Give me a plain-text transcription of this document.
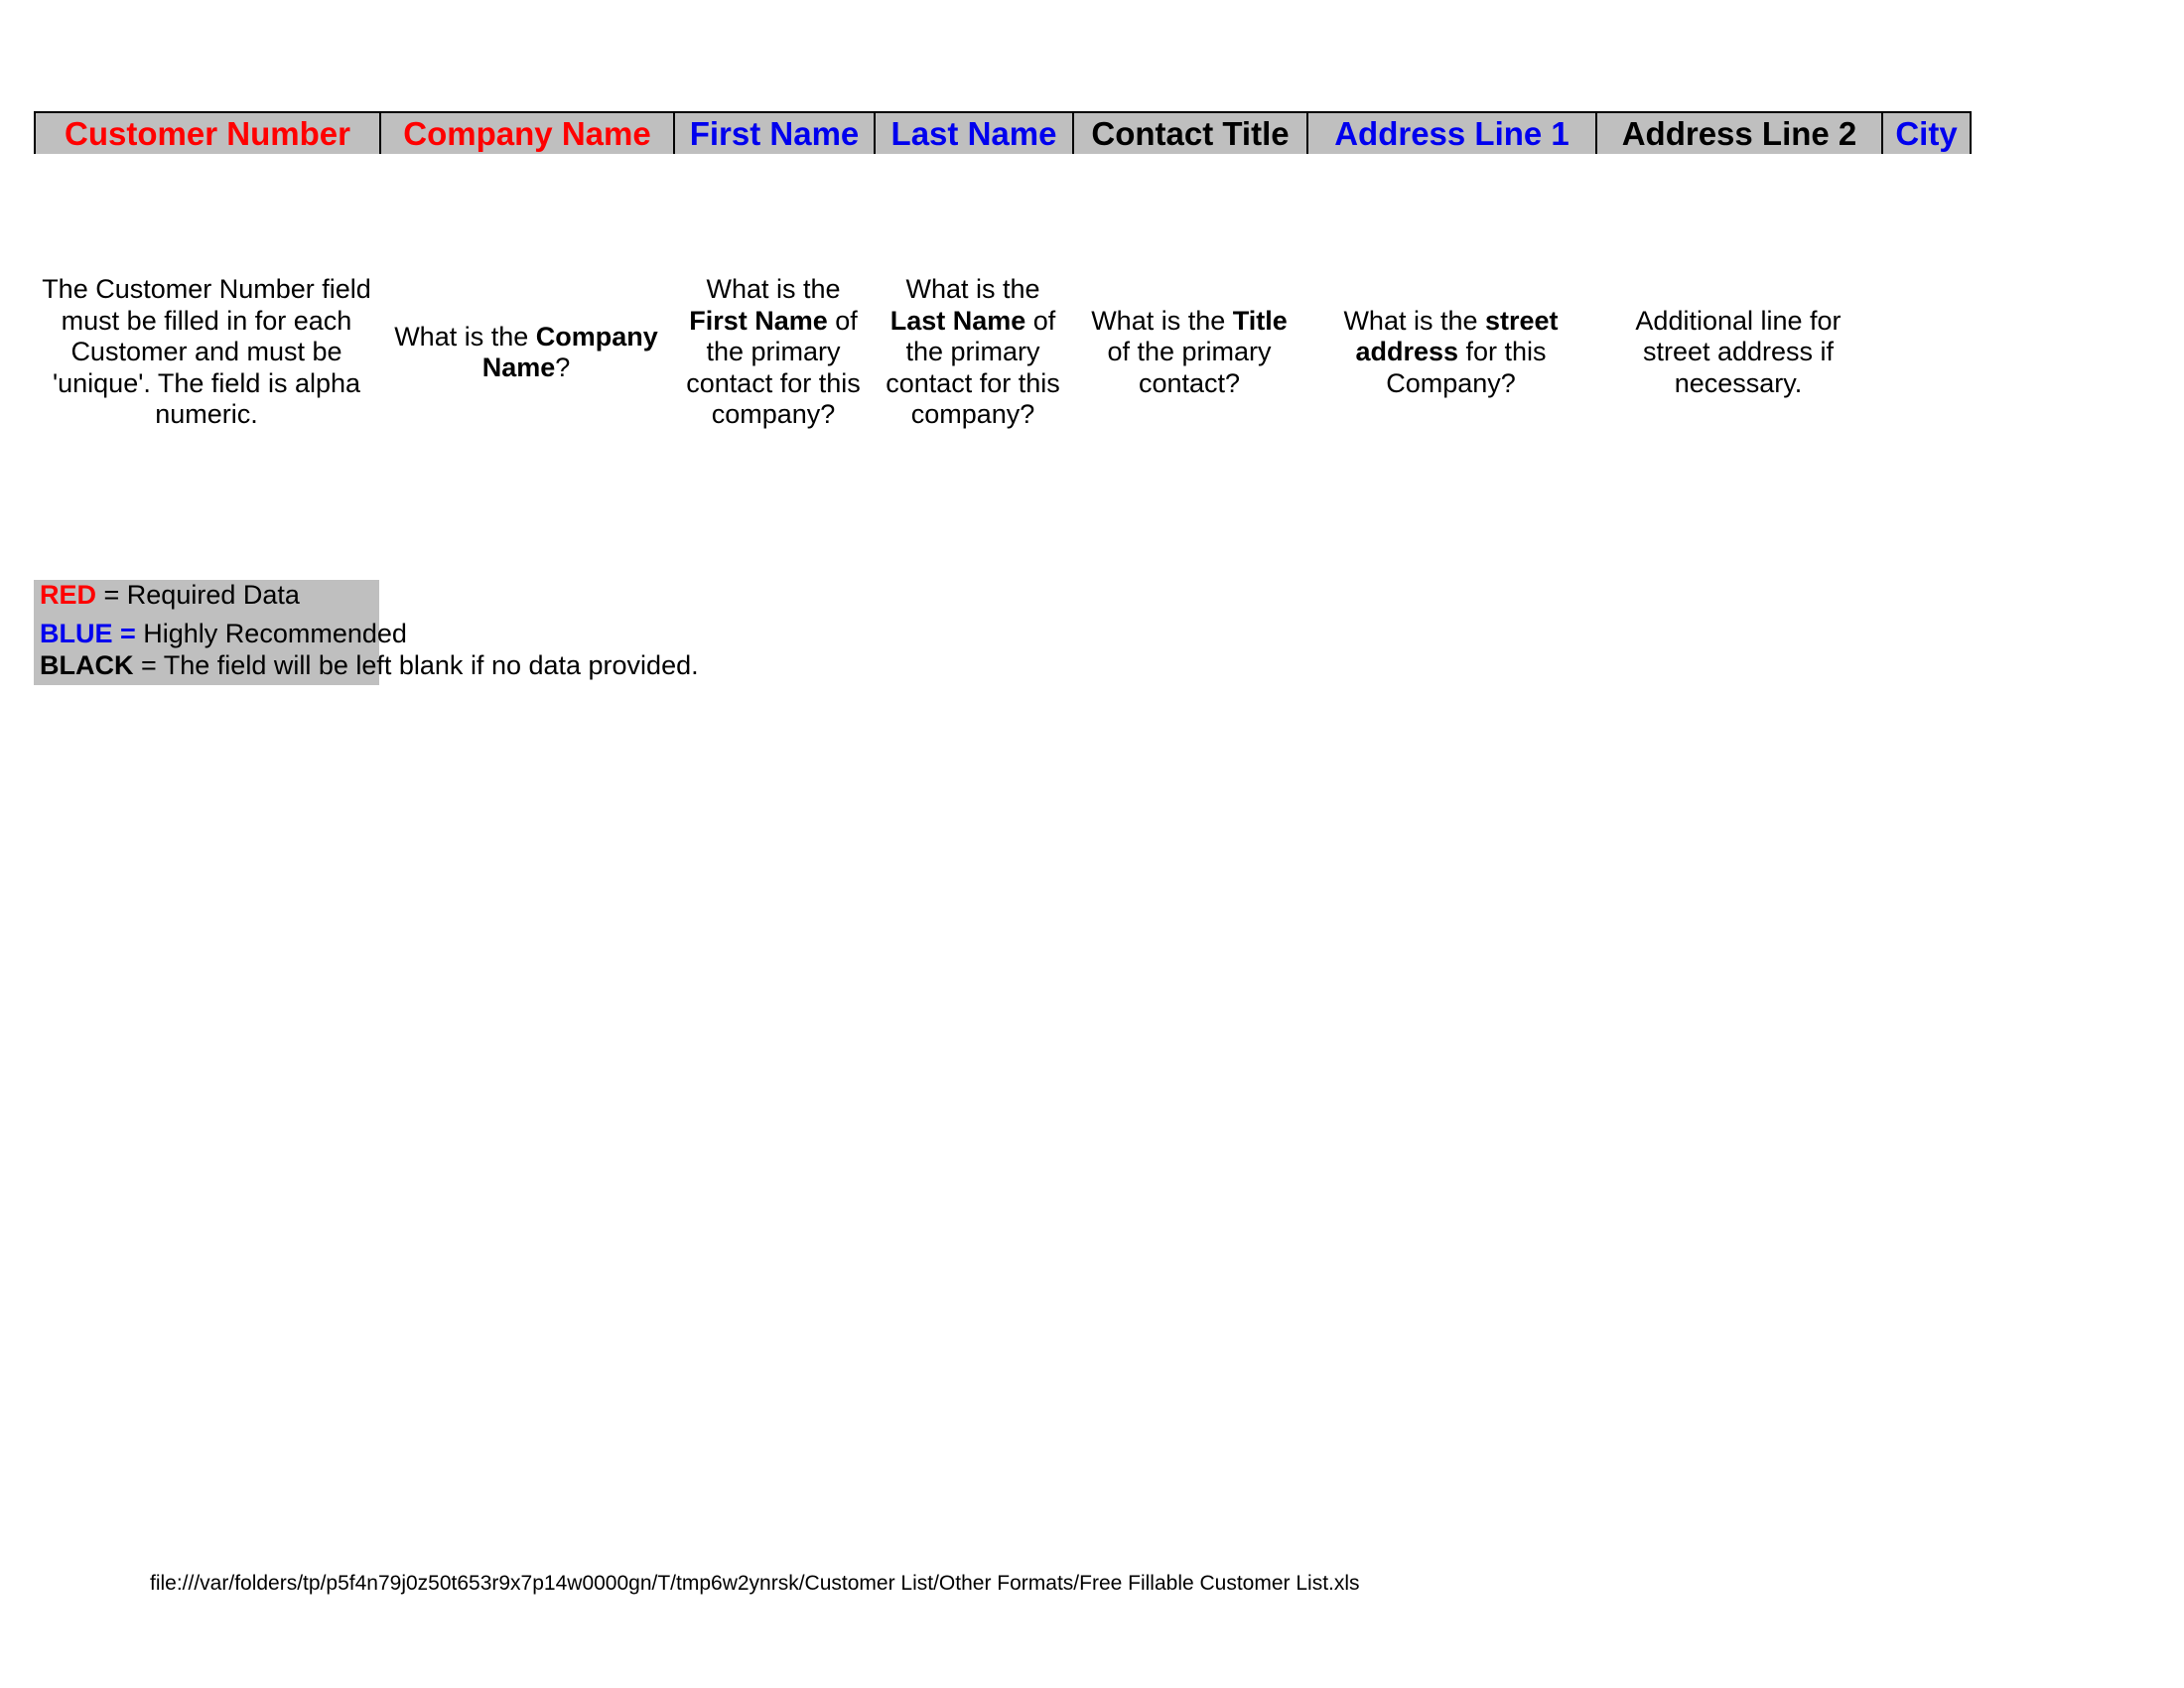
Customer Number Company Name First Name Last Name Contact Title Address Line 1 Address Line 2 City
The Customer Number field must be filled in for each Customer and must be 'unique'. The field is alpha numeric.
What is the Company Name?
What is the First Name of the primary contact for this company?
What is the Last Name of the primary contact for this company?
What is the Title of the primary contact?
What is the street address for this Company?
Additional line for street address if necessary.
RED = Required Data
BLUE = Highly Recommended
BLACK = The field will be left blank if no data provided.
file:///var/folders/tp/p5f4n79j0z50t653r9x7p14w0000gn/T/tmp6w2ynrsk/Customer List/Other Formats/Free Fillable Customer List.xls
